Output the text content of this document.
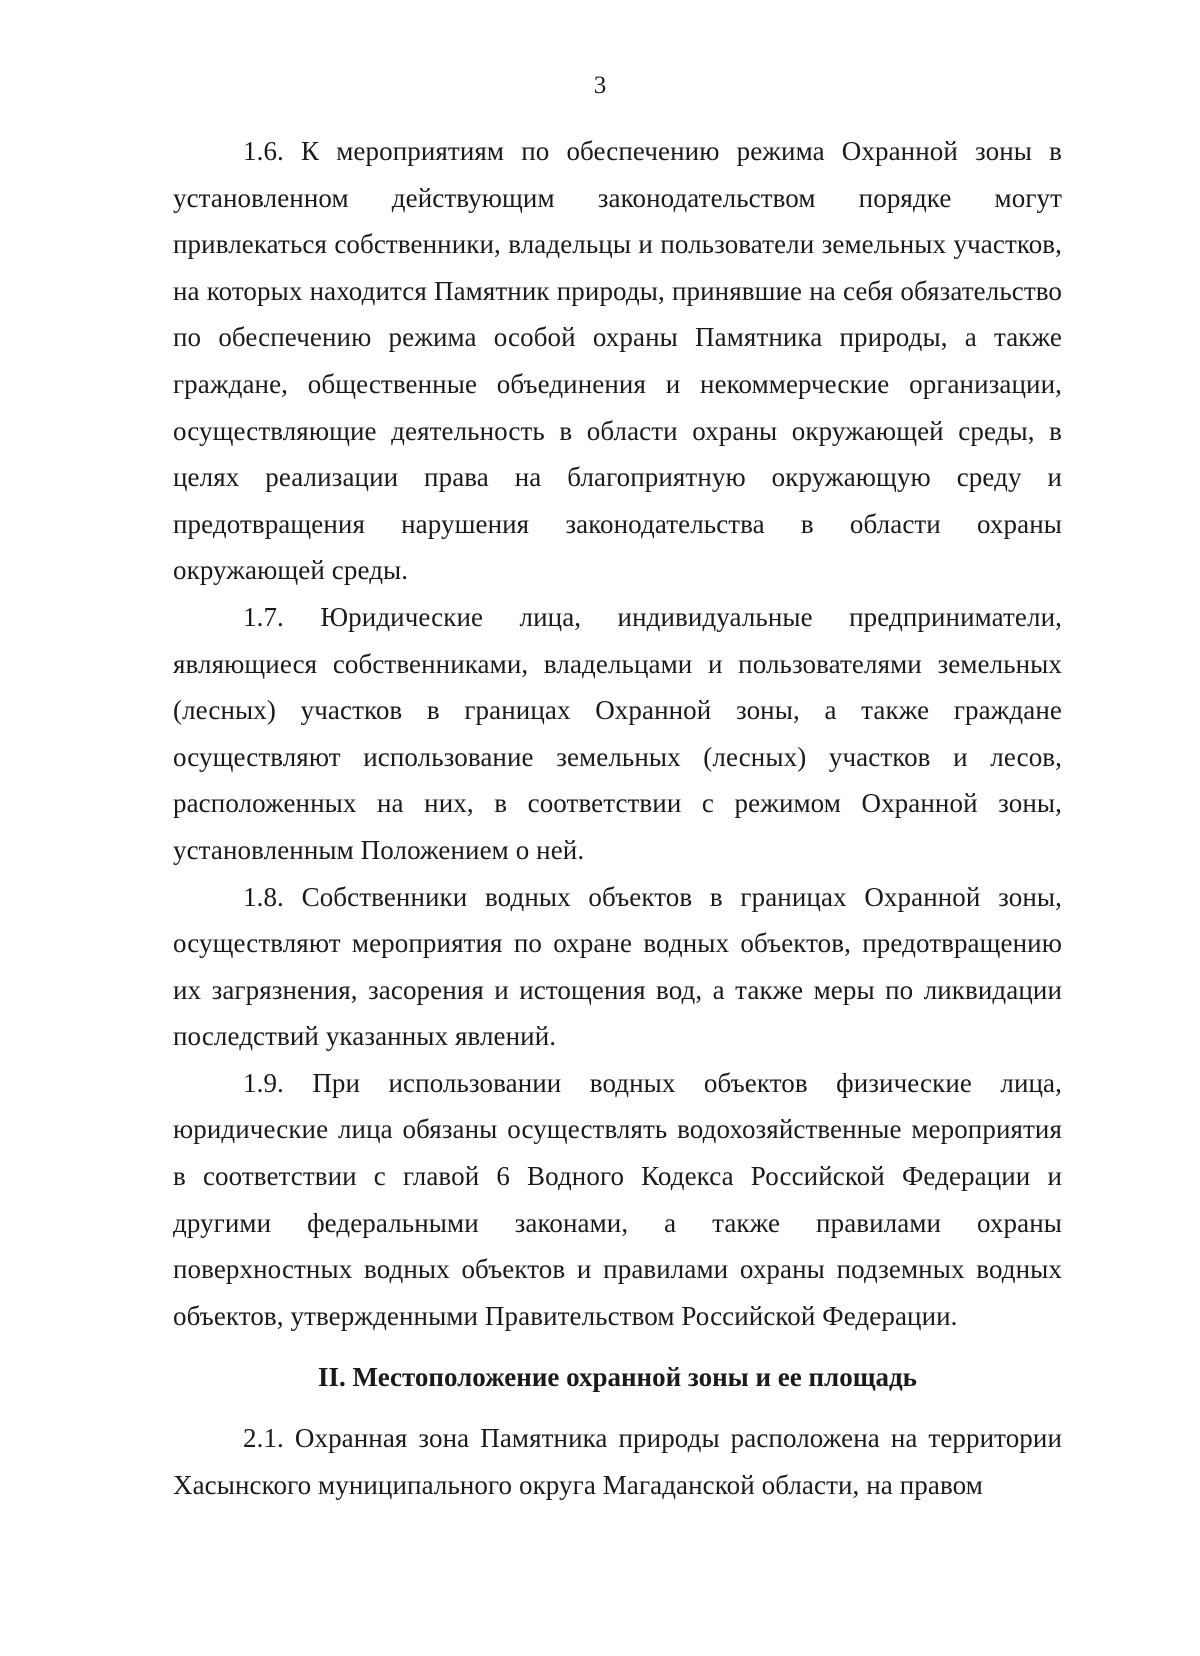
3

1.6. К мероприятиям по обеспечению режима Охранной зоны в установленном действующим законодательством порядке могут привлекаться собственники, владельцы и пользователи земельных участков, на которых находится Памятник природы, принявшие на себя обязательство по обеспечению режима особой охраны Памятника природы, а также граждане, общественные объединения и некоммерческие организации, осуществляющие деятельность в области охраны окружающей среды, в целях реализации права на благоприятную окружающую среду и предотвращения нарушения законодательства в области охраны окружающей среды.

1.7. Юридические лица, индивидуальные предприниматели, являющиеся собственниками, владельцами и пользователями земельных (лесных) участков в границах Охранной зоны, а также граждане осуществляют использование земельных (лесных) участков и лесов, расположенных на них, в соответствии с режимом Охранной зоны, установленным Положением о ней.

1.8. Собственники водных объектов в границах Охранной зоны, осуществляют мероприятия по охране водных объектов, предотвращению их загрязнения, засорения и истощения вод, а также меры по ликвидации последствий указанных явлений.

1.9. При использовании водных объектов физические лица, юридические лица обязаны осуществлять водохозяйственные мероприятия в соответствии с главой 6 Водного Кодекса Российской Федерации и другими федеральными законами, а также правилами охраны поверхностных водных объектов и правилами охраны подземных водных объектов, утвержденными Правительством Российской Федерации.

II. Местоположение охранной зоны и ее площадь

2.1. Охранная зона Памятника природы расположена на территории Хасынского муниципального округа Магаданской области, на правом
